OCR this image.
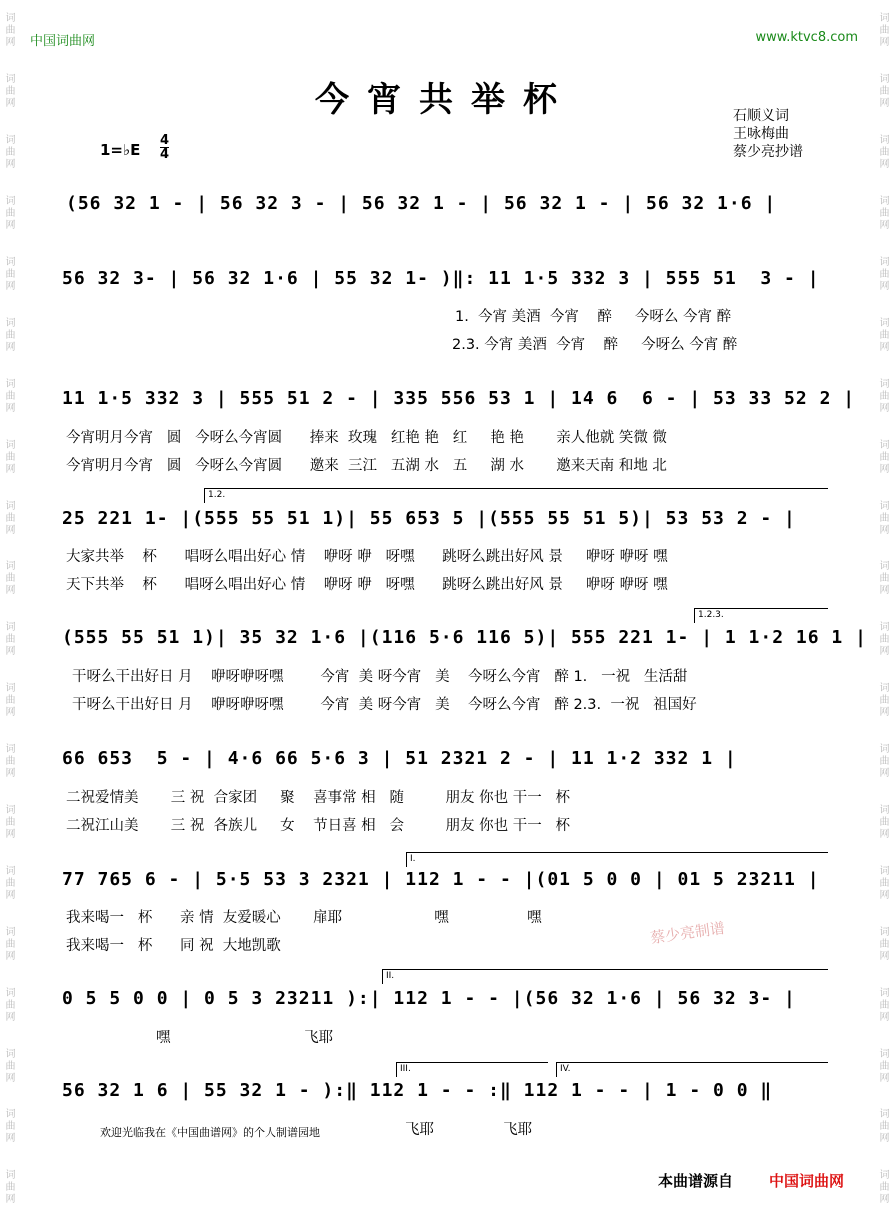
词曲网
词曲网
词曲网
词曲网
词曲网
词曲网
词曲网
词曲网
词曲网
词曲网
词曲网
词曲网
词曲网
词曲网
词曲网
词曲网
词曲网
词曲网
词曲网
词曲网
词曲网
词曲网
词曲网
词曲网
词曲网
词曲网
词曲网
词曲网
词曲网
词曲网
词曲网
词曲网
词曲网
词曲网
词曲网
词曲网
词曲网
词曲网
词曲网
词曲网
中国词曲网	www.ktvc8.com
今宵共举杯	石顺义词
王咏梅曲
蔡少亮抄谱
1=♭E
4
4
(56 32 1 - | 56 32 3 - | 56 32 1 - | 56 32 1 - | 56 32 1·6 |
56 32 3- | 56 32 1·6 | 55 32 1- )‖: 11 1·5 332 3 | 555 51  3 - |
1.  今宵 美酒  今宵    醉     今呀么 今宵 醉
2.3. 今宵 美酒  今宵    醉     今呀么 今宵 醉
11 1·5 332 3 | 555 51 2 - | 335 556 53 1 | 14 6  6 - | 53 33 52 2 |
今宵明月今宵   圆   今呀么今宵圆      捧来  玫瑰   红艳 艳   红     艳 艳       亲人他就 笑微 微
今宵明月今宵   圆   今呀么今宵圆      邀来  三江   五湖 水   五     湖 水       邀来天南 和地 北
1.2.
25 221 1- |(555 55 51 1)| 55 653 5 |(555 55 51 5)| 53 53 2 - |
大家共举    杯      唱呀么唱出好心 情    咿呀 咿   呀嘿      跳呀么跳出好风 景     咿呀 咿呀 嘿
天下共举    杯      唱呀么唱出好心 情    咿呀 咿   呀嘿      跳呀么跳出好风 景     咿呀 咿呀 嘿
1.2.3.
(555 55 51 1)| 35 32 1·6 |(116 5·6 116 5)| 555 221 1- | 1 1·2 16 1 |
干呀么干出好日 月    咿呀咿呀嘿        今宵  美 呀今宵   美    今呀么今宵   醉 1.   一祝   生活甜
干呀么干出好日 月    咿呀咿呀嘿        今宵  美 呀今宵   美    今呀么今宵   醉 2.3.  一祝   祖国好
66 653  5 - | 4·6 66 5·6 3 | 51 2321 2 - | 11 1·2 332 1 |
二祝爱情美       三 祝  合家团     聚    喜事常 相   随         朋友 你也 干一   杯
二祝江山美       三 祝  各族儿     女    节日喜 相   会         朋友 你也 干一   杯
I.
77 765 6 - | 5·5 53 3 2321 | 112 1 - - |(01 5 0 0 | 01 5 23211 |
我来喝一   杯      亲 情  友爱暖心       扉耶                    嘿                 嘿
我来喝一   杯      同 祝  大地凯歌	蔡少亮制谱
II.
0 5 5 0 0 | 0 5 3 23211 ):| 112 1 - - |(56 32 1·6 | 56 32 3- |
嘿                             飞耶
III.	IV.
56 32 1 6 | 55 32 1 - ):‖ 112 1 - - :‖ 112 1 - - | 1 - 0 0 ‖
飞耶               飞耶
欢迎光临我在《中国曲谱网》的个人制谱园地
本曲谱源自 中国词曲网
